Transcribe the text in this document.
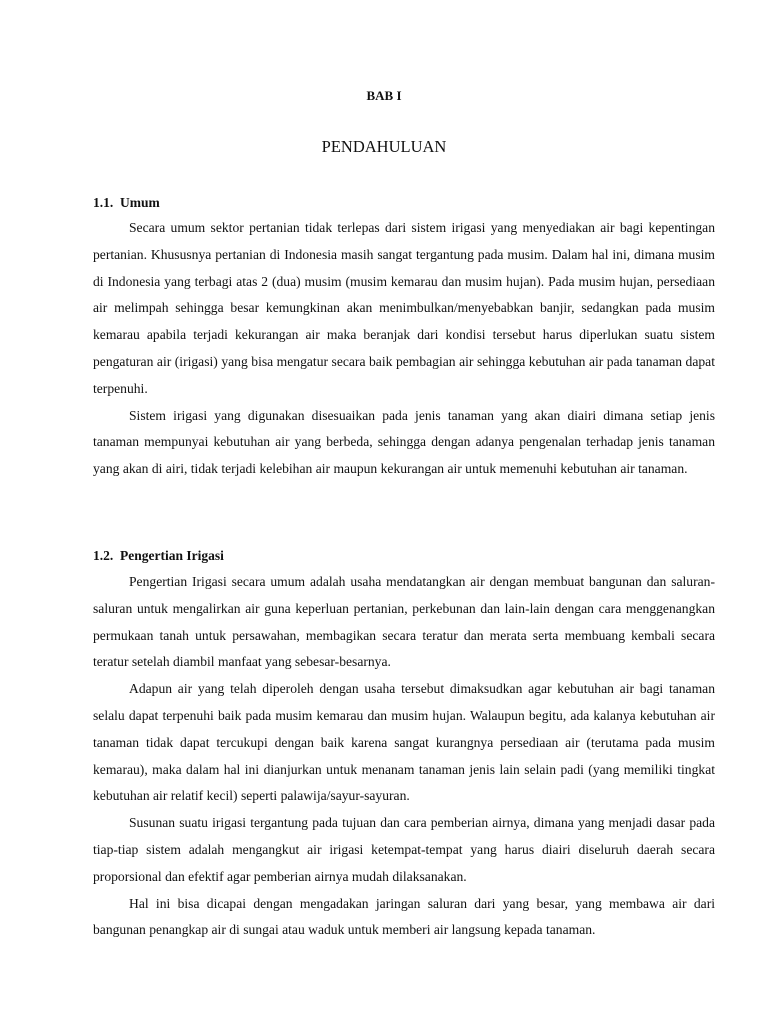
BAB I
PENDAHULUAN
1.1.  Umum

Secara umum sektor pertanian tidak terlepas dari sistem irigasi yang menyediakan air bagi kepentingan pertanian. Khususnya pertanian di Indonesia masih sangat tergantung pada musim. Dalam hal ini, dimana musim di Indonesia yang terbagi atas 2 (dua) musim (musim kemarau dan musim hujan). Pada musim hujan, persediaan air melimpah sehingga besar kemungkinan akan menimbulkan/menyebabkan banjir, sedangkan pada musim kemarau apabila terjadi kekurangan air maka beranjak dari kondisi tersebut harus diperlukan suatu sistem pengaturan air (irigasi) yang bisa mengatur secara baik pembagian air sehingga kebutuhan air pada tanaman dapat terpenuhi.

Sistem irigasi yang digunakan disesuaikan pada jenis tanaman yang akan diairi dimana setiap jenis tanaman mempunyai kebutuhan air yang berbeda, sehingga dengan adanya pengenalan terhadap jenis tanaman yang akan di airi, tidak terjadi kelebihan air maupun kekurangan air untuk memenuhi kebutuhan air tanaman.

1.2.  Pengertian Irigasi

Pengertian Irigasi secara umum adalah usaha mendatangkan air dengan membuat bangunan dan saluran-saluran untuk mengalirkan air guna keperluan pertanian, perkebunan dan lain-lain dengan cara menggenangkan permukaan tanah untuk persawahan, membagikan secara teratur dan merata serta membuang kembali secara teratur setelah diambil manfaat yang sebesar-besarnya.

Adapun air yang telah diperoleh dengan usaha tersebut dimaksudkan agar kebutuhan air bagi tanaman selalu dapat terpenuhi baik pada musim kemarau dan musim hujan. Walaupun begitu, ada kalanya kebutuhan air tanaman tidak dapat tercukupi dengan baik karena sangat kurangnya persediaan air (terutama pada musim kemarau), maka dalam hal ini dianjurkan untuk menanam tanaman jenis lain selain padi (yang memiliki tingkat kebutuhan air relatif kecil) seperti palawija/sayur-sayuran.

Susunan suatu irigasi tergantung pada tujuan dan cara pemberian airnya, dimana yang menjadi dasar pada tiap-tiap sistem adalah mengangkut air irigasi ketempat-tempat yang harus diairi diseluruh daerah secara proporsional dan efektif agar pemberian airnya mudah dilaksanakan.

Hal ini bisa dicapai dengan mengadakan jaringan saluran dari yang besar, yang membawa air dari bangunan penangkap air di sungai atau waduk untuk memberi air langsung kepada tanaman.
